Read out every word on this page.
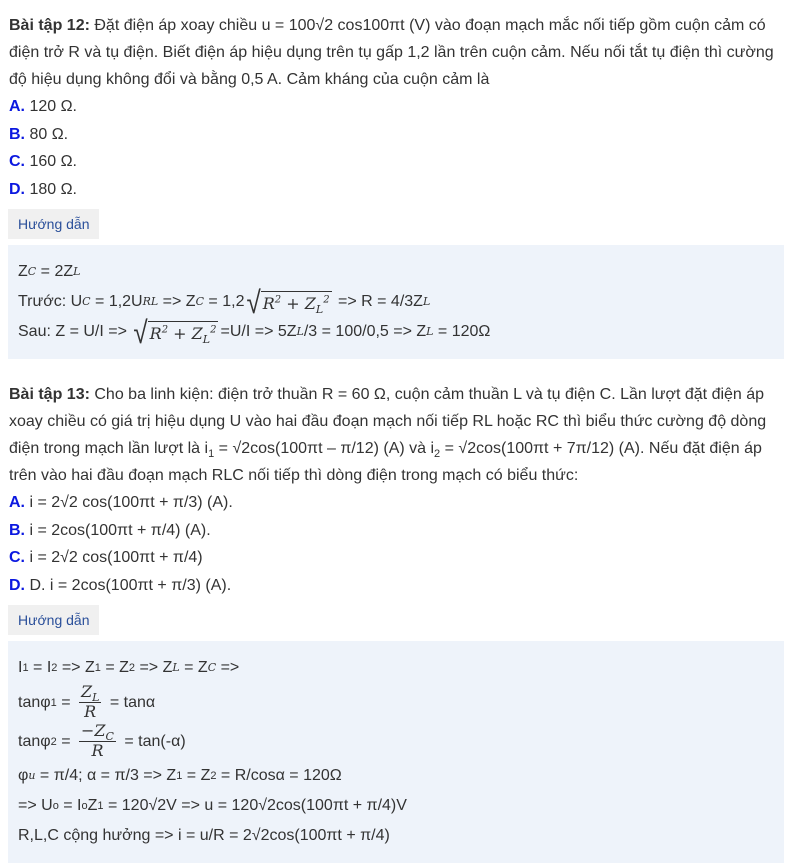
Bài tập 12: Đặt điện áp xoay chiều u = 100√2 cos100πt (V) vào đoạn mạch mắc nối tiếp gồm cuộn cảm có điện trở R và tụ điện. Biết điện áp hiệu dụng trên tụ gấp 1,2 lần trên cuộn cảm. Nếu nối tắt tụ điện thì cường độ hiệu dụng không đổi và bằng 0,5 A. Cảm kháng của cuộn cảm là

A. 120 Ω.

B. 80 Ω.

C. 160 Ω.

D. 180 Ω.

Hướng dẫn
Z C = 2Z L
Trước: U C = 1,2U RL => Z C = 1,2 √ $R^2 + Z_L^2 => R = 4/3Z$ L
Sau: Z = U/I => √ $R^2 + Z_L^2 =U/I => 5Z$ L /3 = 100/0,5 => Z L = 120Ω

Bài tập 13: Cho ba linh kiện: điện trở thuần R = 60 Ω, cuộn cảm thuần L và tụ điện C. Lần lượt đặt điện áp xoay chiều có giá trị hiệu dụng U vào hai đầu đoạn mạch nối tiếp RL hoặc RC thì biểu thức cường độ dòng điện trong mạch lần lượt là $i_1 = √2\cos(100\pi t - \pi/12)$ (A) và $i_2 = √2\cos(100\pi t + 7\pi/12)$ (A). Nếu đặt điện áp trên vào hai đầu đoạn mạch RLC nối tiếp thì dòng điện trong mạch có biểu thức:

A. i = 2√2 cos(100πt + π/3) (A).

B. i = 2cos(100πt + π/4) (A).

C. i = 2√2 cos(100πt + π/4)

D. D. i = 2cos(100πt + π/3) (A).

Hướng dẫn
I 1 = I 2 => Z 1 = Z 2 => Z L = Z C =>
tanφ $1 = \frac{Z_L}{R} = \tan\alpha$
tanφ $2 = \frac{-Z_C}{R} = \tan(-\alpha)$
φ u = π/4; α = π/3 => Z 1 = Z 2 = R/cosα = 120Ω
=> U o = I o Z 1 = 120√2V => u = 120√2cos(100πt + π/4)V
R,L,C cộng hưởng => i = u/R = 2√2cos(100πt + π/4)
